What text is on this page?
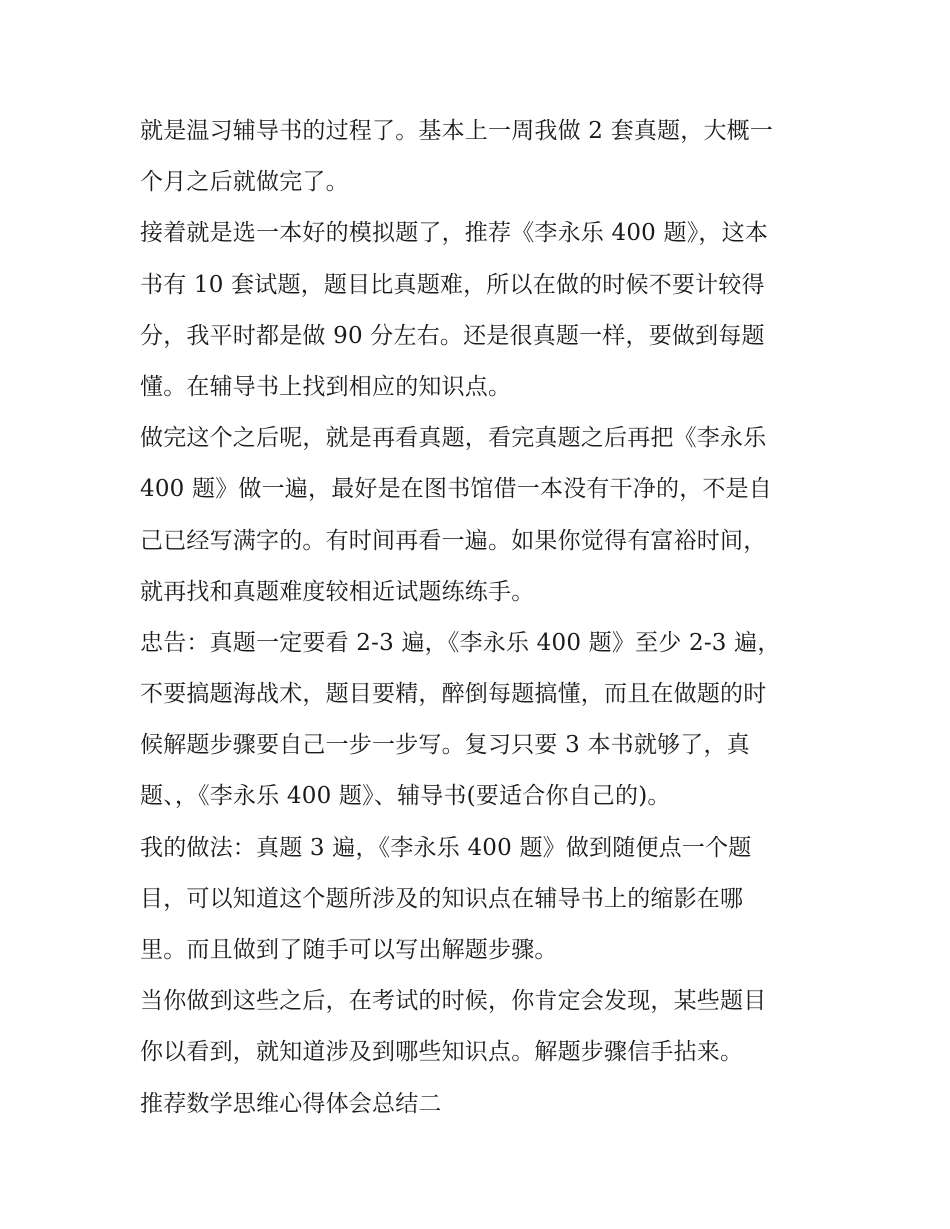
就是温习辅导书的过程了。基本上一周我做 2 套真题，大概一
个月之后就做完了。
接着就是选一本好的模拟题了，推荐《李永乐 400 题》，这本
书有 10 套试题，题目比真题难，所以在做的时候不要计较得
分，我平时都是做 90 分左右。还是很真题一样，要做到每题
懂。在辅导书上找到相应的知识点。
做完这个之后呢，就是再看真题，看完真题之后再把《李永乐
400 题》做一遍，最好是在图书馆借一本没有干净的，不是自
己已经写满字的。有时间再看一遍。如果你觉得有富裕时间，
就再找和真题难度较相近试题练练手。
忠告：真题一定要看 2-3 遍，《李永乐 400 题》至少 2-3 遍，
不要搞题海战术，题目要精，醉倒每题搞懂，而且在做题的时
候解题步骤要自己一步一步写。复习只要 3 本书就够了，真
题、，《李永乐 400 题》、辅导书(要适合你自己的)。
我的做法：真题 3 遍，《李永乐 400 题》做到随便点一个题
目，可以知道这个题所涉及的知识点在辅导书上的缩影在哪
里。而且做到了随手可以写出解题步骤。
当你做到这些之后，在考试的时候，你肯定会发现，某些题目
你以看到，就知道涉及到哪些知识点。解题步骤信手拈来。
推荐数学思维心得体会总结二
